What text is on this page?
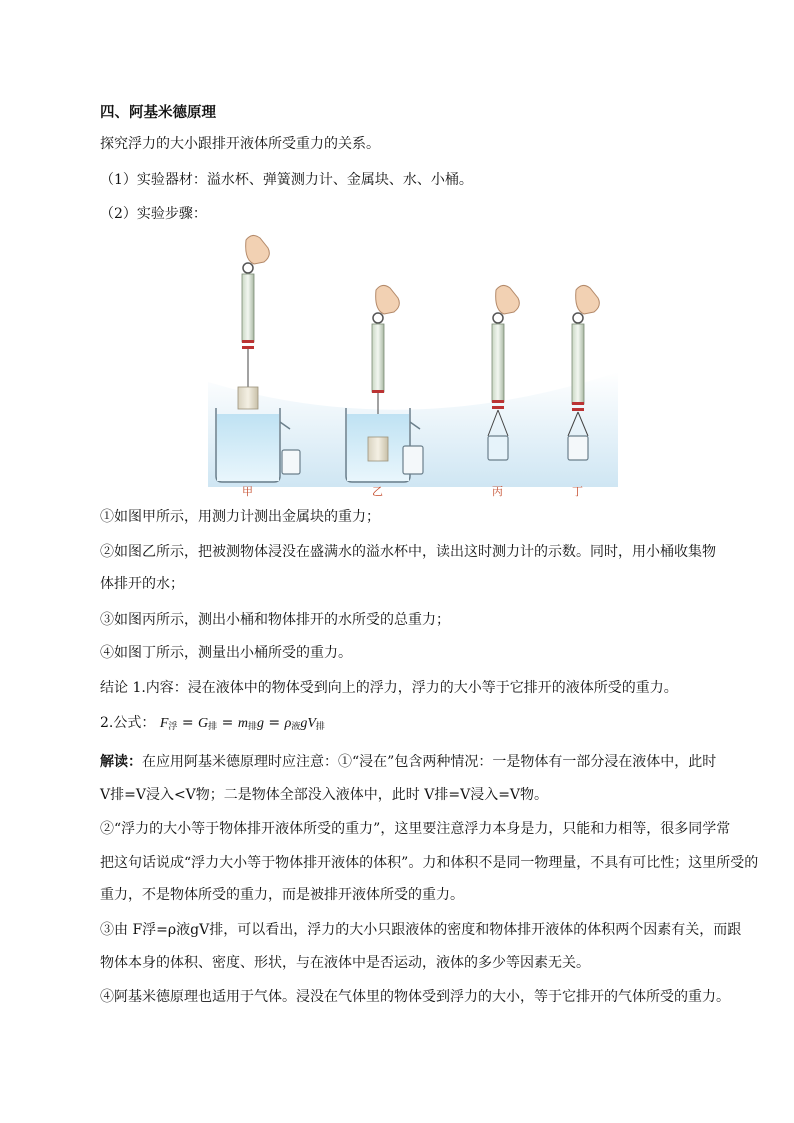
四、阿基米德原理
探究浮力的大小跟排开液体所受重力的关系。
（1）实验器材：溢水杯、弹簧测力计、金属块、水、小桶。
（2）实验步骤：
甲	乙	丙	丁
①如图甲所示，用测力计测出金属块的重力；
②如图乙所示，把被测物体浸没在盛满水的溢水杯中，读出这时测力计的示数。同时，用小桶收集物
体排开的水；
③如图丙所示，测出小桶和物体排开的水所受的总重力；
④如图丁所示，测量出小桶所受的重力。
结论 1.内容：浸在液体中的物体受到向上的浮力，浮力的大小等于它排开的液体所受的重力。
2.公式： $F_浮 = G_排 = m_排g = \rho_液gV_排$
解读：在应用阿基米德原理时应注意：①“浸在”包含两种情况：一是物体有一部分浸在液体中，此时
V排=V浸入<V物；二是物体全部没入液体中，此时 V排=V浸入=V物。
②“浮力的大小等于物体排开液体所受的重力”，这里要注意浮力本身是力，只能和力相等，很多同学常
把这句话说成“浮力大小等于物体排开液体的体积”。力和体积不是同一物理量，不具有可比性；这里所受的
重力，不是物体所受的重力，而是被排开液体所受的重力。
③由 F浮=ρ液gV排，可以看出，浮力的大小只跟液体的密度和物体排开液体的体积两个因素有关，而跟
物体本身的体积、密度、形状，与在液体中是否运动，液体的多少等因素无关。
④阿基米德原理也适用于气体。浸没在气体里的物体受到浮力的大小，等于它排开的气体所受的重力。
